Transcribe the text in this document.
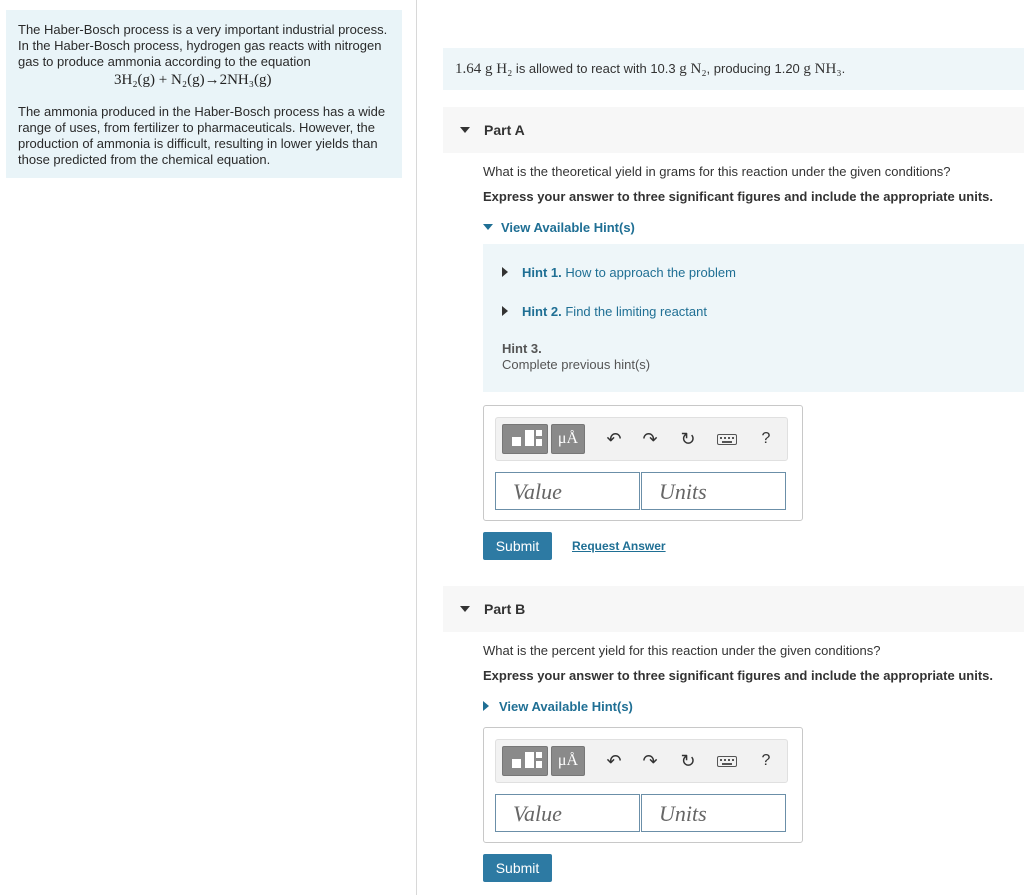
The Haber-Bosch process is a very important industrial process. In the Haber-Bosch process, hydrogen gas reacts with nitrogen gas to produce ammonia according to the equation

3H₂(g) + N₂(g)→2NH₃(g)

The ammonia produced in the Haber-Bosch process has a wide range of uses, from fertilizer to pharmaceuticals. However, the production of ammonia is difficult, resulting in lower yields than those predicted from the chemical equation.

1.64 g H₂ is allowed to react with 10.3 g N₂, producing 1.20 g NH₃.
Part A
What is the theoretical yield in grams for this reaction under the given conditions?
Express your answer to three significant figures and include the appropriate units.
View Available Hint(s)
Hint 1. How to approach the problem
Hint 2. Find the limiting reactant
Hint 3.
Complete previous hint(s)
μÅ	↶	↷	↻	?
Value	Units
Submit	Request Answer
Part B
What is the percent yield for this reaction under the given conditions?
Express your answer to three significant figures and include the appropriate units.
View Available Hint(s)
μÅ	↶	↷	↻	?
Value	Units
Submit
